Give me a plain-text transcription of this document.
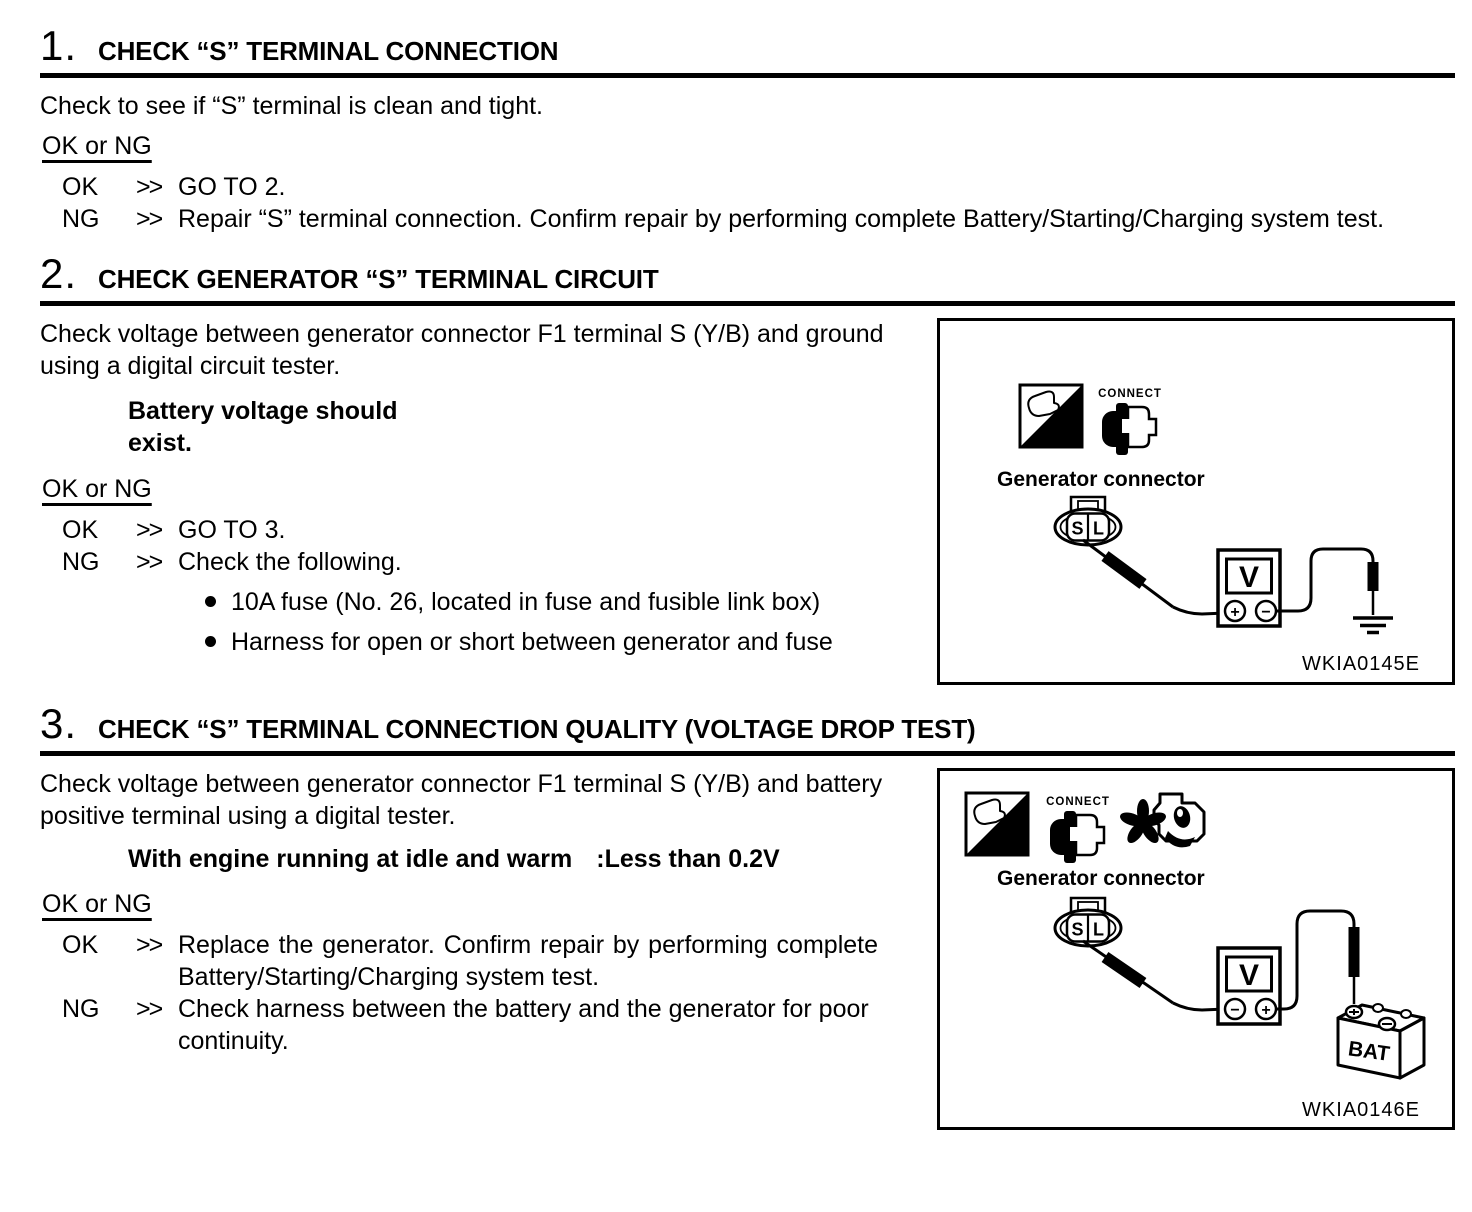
1. CHECK “S” TERMINAL CONNECTION

Check to see if “S” terminal is clean and tight.

OK or NG
OK	>> GO TO 2.
NG	>> Repair “S” terminal connection. Confirm repair by performing complete Battery/Starting/Charging system test.
2. CHECK GENERATOR “S” TERMINAL CIRCUIT

Check voltage between generator connector F1 terminal S (Y/B) and ground using a digital circuit tester.

Battery voltage should exist.

OK or NG
OK	>> GO TO 3.
NG	>> Check the following.
10A fuse (No. 26, located in fuse and fusible link box)
Harness for open or short between generator and fuse
H.S.
CONNECT
Generator connector
S L
V
+ −
WKIA0145E
3. CHECK “S” TERMINAL CONNECTION QUALITY (VOLTAGE DROP TEST)

Check voltage between generator connector F1 terminal S (Y/B) and battery positive terminal using a digital tester.

With engine running at idle and warm :Less than 0.2V
OK or NG
OK	>> Replace the generator. Confirm repair by performing complete Battery/Starting/Charging system test.
NG	>> Check harness between the battery and the generator for poor continuity.
H.S.
CONNECT
Generator connector
S L
V
− +
BAT
WKIA0146E
